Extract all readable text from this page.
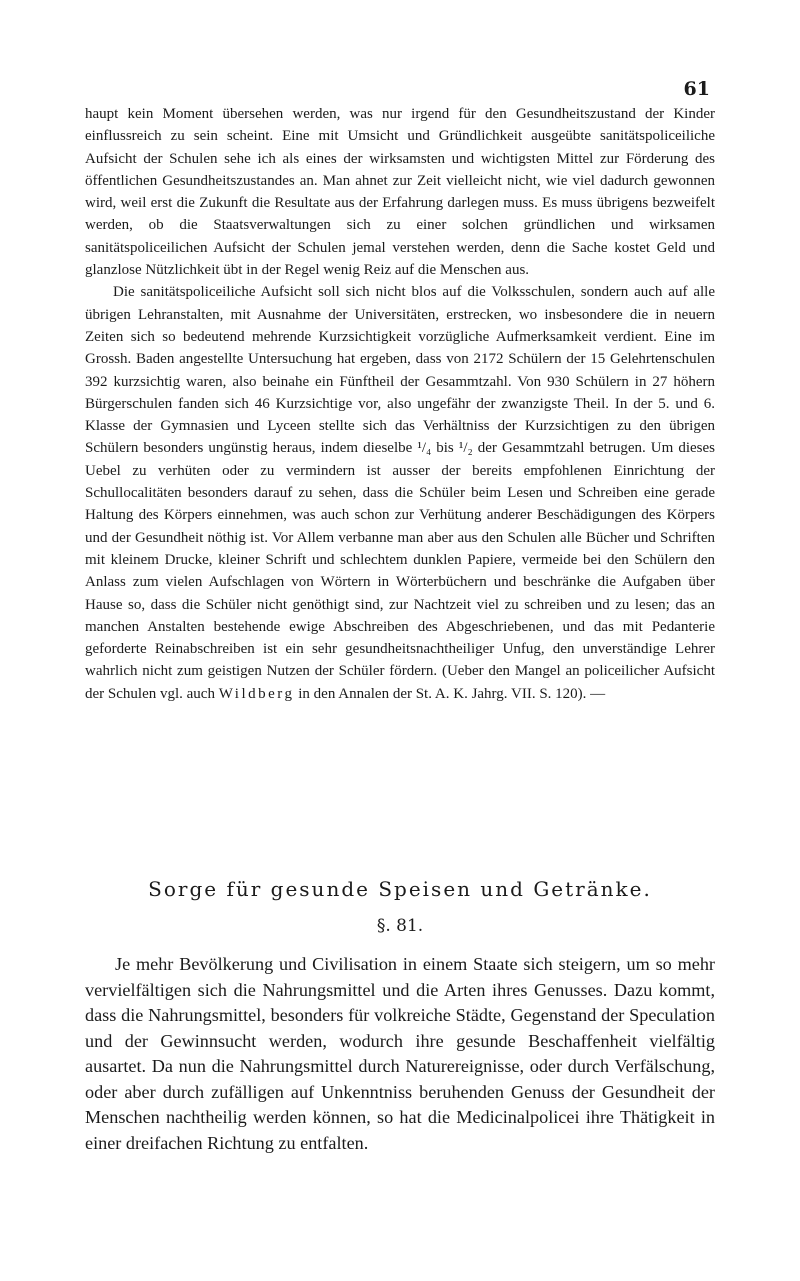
61

haupt kein Moment übersehen werden, was nur irgend für den Gesundheitszustand der Kinder einflussreich zu sein scheint. Eine mit Umsicht und Gründlichkeit ausgeübte sanitätspoliceiliche Aufsicht der Schulen sehe ich als eines der wirksamsten und wichtigsten Mittel zur Förderung des öffentlichen Gesundheitszustandes an. Man ahnet zur Zeit vielleicht nicht, wie viel dadurch gewonnen wird, weil erst die Zukunft die Resultate aus der Erfahrung darlegen muss. Es muss übrigens bezweifelt werden, ob die Staatsverwaltungen sich zu einer solchen gründlichen und wirksamen sanitätspoliceilichen Aufsicht der Schulen jemal verstehen werden, denn die Sache kostet Geld und glanzlose Nützlichkeit übt in der Regel wenig Reiz auf die Menschen aus.

Die sanitätspoliceiliche Aufsicht soll sich nicht blos auf die Volksschulen, sondern auch auf alle übrigen Lehranstalten, mit Ausnahme der Universitäten, erstrecken, wo insbesondere die in neuern Zeiten sich so bedeutend mehrende Kurzsichtigkeit vorzügliche Aufmerksamkeit verdient. Eine im Grossh. Baden angestellte Untersuchung hat ergeben, dass von 2172 Schülern der 15 Gelehrtenschulen 392 kurzsichtig waren, also beinahe ein Fünftheil der Gesammtzahl. Von 930 Schülern in 27 höhern Bürgerschulen fanden sich 46 Kurzsichtige vor, also ungefähr der zwanzigste Theil. In der 5. und 6. Klasse der Gymnasien und Lyceen stellte sich das Verhältniss der Kurzsichtigen zu den übrigen Schülern besonders ungünstig heraus, indem dieselbe ¹/₄ bis ¹/₂ der Gesammtzahl betrugen. Um dieses Uebel zu verhüten oder zu vermindern ist ausser der bereits empfohlenen Einrichtung der Schullocalitäten besonders darauf zu sehen, dass die Schüler beim Lesen und Schreiben eine gerade Haltung des Körpers einnehmen, was auch schon zur Verhütung anderer Beschädigungen des Körpers und der Gesundheit nöthig ist. Vor Allem verbanne man aber aus den Schulen alle Bücher und Schriften mit kleinem Drucke, kleiner Schrift und schlechtem dunklen Papiere, vermeide bei den Schülern den Anlass zum vielen Aufschlagen von Wörtern in Wörterbüchern und beschränke die Aufgaben über Hause so, dass die Schüler nicht genöthigt sind, zur Nachtzeit viel zu schreiben und zu lesen; das an manchen Anstalten bestehende ewige Abschreiben des Abgeschriebenen, und das mit Pedanterie geforderte Reinabschreiben ist ein sehr gesundheitsnachtheiliger Unfug, den unverständige Lehrer wahrlich nicht zum geistigen Nutzen der Schüler fördern. (Ueber den Mangel an policeilicher Aufsicht der Schulen vgl. auch Wildberg in den Annalen der St. A. K. Jahrg. VII. S. 120). —

Sorge für gesunde Speisen und Getränke.
§. 81.

Je mehr Bevölkerung und Civilisation in einem Staate sich steigern, um so mehr vervielfältigen sich die Nahrungsmittel und die Arten ihres Genusses. Dazu kommt, dass die Nahrungsmittel, besonders für volkreiche Städte, Gegenstand der Speculation und der Gewinnsucht werden, wodurch ihre gesunde Beschaffenheit vielfältig ausartet. Da nun die Nahrungsmittel durch Naturereignisse, oder durch Verfälschung, oder aber durch zufälligen auf Unkenntniss beruhenden Genuss der Gesundheit der Menschen nachtheilig werden können, so hat die Medicinalpolicei ihre Thätigkeit in einer dreifachen Richtung zu entfalten.
